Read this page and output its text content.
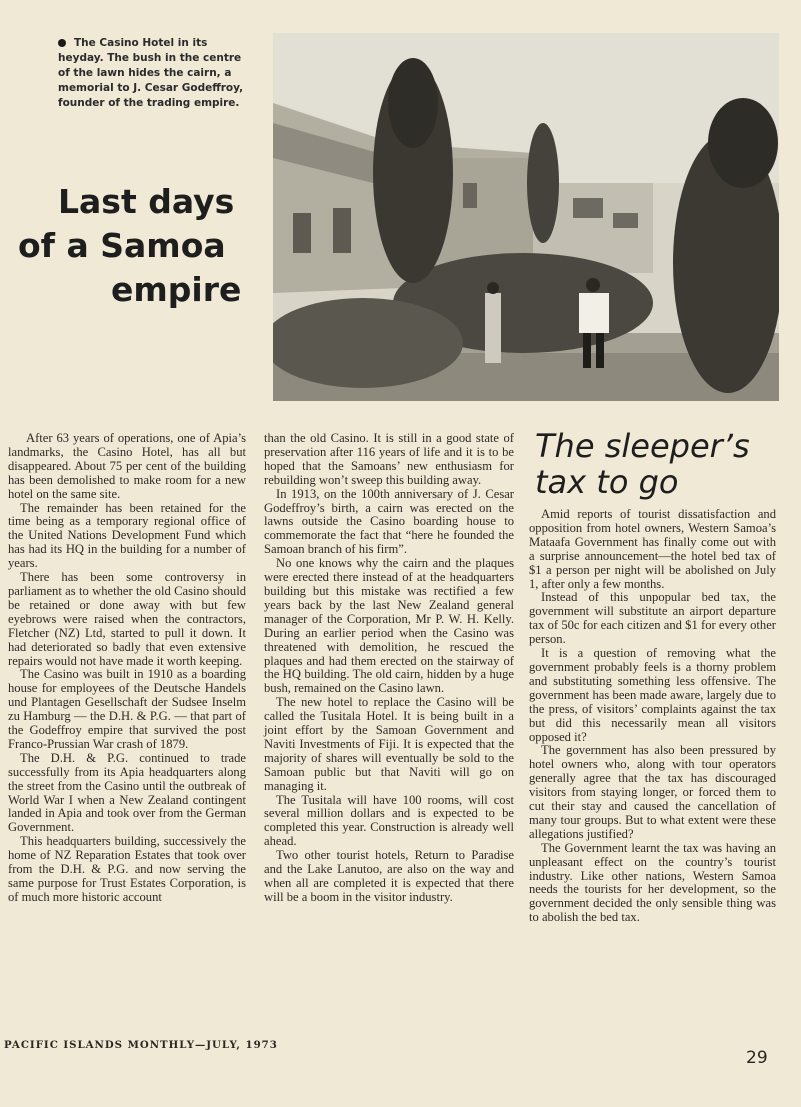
The Casino Hotel in its heyday. The bush in the centre of the lawn hides the cairn, a memorial to J. Cesar Godeffroy, founder of the trading empire.
Last days
of a Samoa
empire

After 63 years of operations, one of Apia’s landmarks, the Casino Hotel, has all but disappeared. About 75 per cent of the building has been demolished to make room for a new hotel on the same site.

The remainder has been retained for the time being as a temporary regional office of the United Nations Development Fund which has had its HQ in the building for a number of years.

There has been some controversy in parliament as to whether the old Casino should be retained or done away with but few eyebrows were raised when the contractors, Fletcher (NZ) Ltd, started to pull it down. It had deteriorated so badly that even extensive repairs would not have made it worth keeping.

The Casino was built in 1910 as a boarding house for employees of the Deutsche Handels und Plantagen Gesellschaft der Sudsee Inselm zu Hamburg — the D.H. & P.G. — that part of the Godeffroy empire that survived the post Franco-Prussian War crash of 1879.

The D.H. & P.G. continued to trade successfully from its Apia headquarters along the street from the Casino until the outbreak of World War I when a New Zealand contingent landed in Apia and took over from the German Government.

This headquarters building, successively the home of NZ Reparation Estates that took over from the D.H. & P.G. and now serving the same purpose for Trust Estates Corporation, is of much more historic account

than the old Casino. It is still in a good state of preservation after 116 years of life and it is to be hoped that the Samoans’ new enthusiasm for rebuilding won’t sweep this building away.

In 1913, on the 100th anniversary of J. Cesar Godeffroy’s birth, a cairn was erected on the lawns outside the Casino boarding house to commemorate the fact that “here he founded the Samoan branch of his firm”.

No one knows why the cairn and the plaques were erected there instead of at the headquarters building but this mistake was rectified a few years back by the last New Zealand general manager of the Corporation, Mr P. W. H. Kelly. During an earlier period when the Casino was threatened with demolition, he rescued the plaques and had them erected on the stairway of the HQ building. The old cairn, hidden by a huge bush, remained on the Casino lawn.

The new hotel to replace the Casino will be called the Tusitala Hotel. It is being built in a joint effort by the Samoan Government and Naviti Investments of Fiji. It is expected that the majority of shares will eventually be sold to the Samoan public but that Naviti will go on managing it.

The Tusitala will have 100 rooms, will cost several million dollars and is expected to be completed this year. Construction is already well ahead.

Two other tourist hotels, Return to Paradise and the Lake Lanutoo, are also on the way and when all are completed it is expected that there will be a boom in the visitor industry.

The sleeper’s
tax to go

Amid reports of tourist dissatisfaction and opposition from hotel owners, Western Samoa’s Mataafa Government has finally come out with a surprise announcement—the hotel bed tax of $1 a person per night will be abolished on July 1, after only a few months.

Instead of this unpopular bed tax, the government will substitute an airport departure tax of 50c for each citizen and $1 for every other person.

It is a question of removing what the government probably feels is a thorny problem and substituting something less offensive. The government has been made aware, largely due to the press, of visitors’ complaints against the tax but did this necessarily mean all visitors opposed it?

The government has also been pressured by hotel owners who, along with tour operators generally agree that the tax has discouraged visitors from staying longer, or forced them to cut their stay and caused the cancellation of many tour groups. But to what extent were these allegations justified?

The Government learnt the tax was having an unpleasant effect on the country’s tourist industry. Like other nations, Western Samoa needs the tourists for her development, so the government decided the only sensible thing was to abolish the bed tax.

PACIFIC ISLANDS MONTHLY—JULY, 1973
29
